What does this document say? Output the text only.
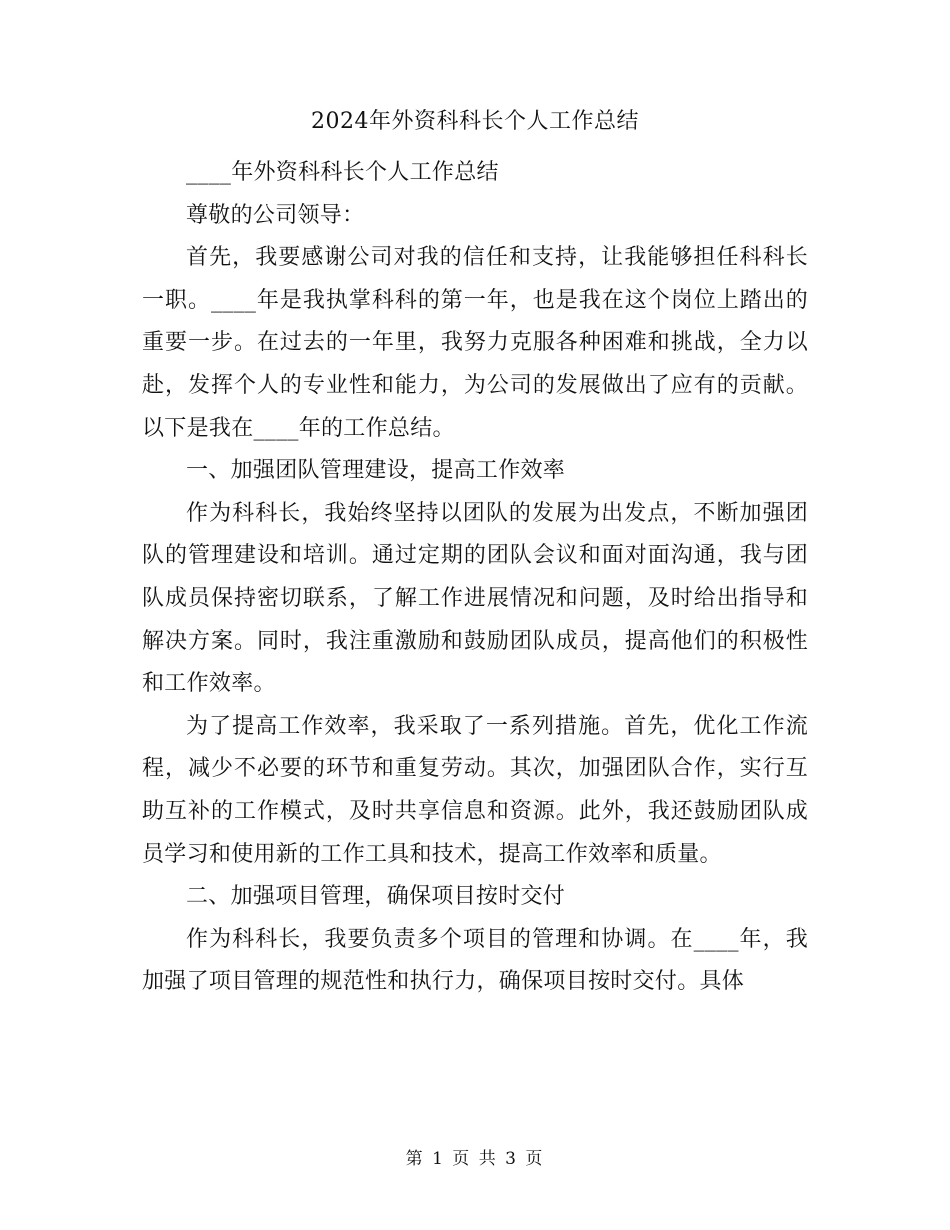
2024年外资科科长个人工作总结

____年外资科科长个人工作总结

尊敬的公司领导：

首先，我要感谢公司对我的信任和支持，让我能够担任科科长一职。____年是我执掌科科的第一年，也是我在这个岗位上踏出的重要一步。在过去的一年里，我努力克服各种困难和挑战，全力以赴，发挥个人的专业性和能力，为公司的发展做出了应有的贡献。以下是我在____年的工作总结。

一、加强团队管理建设，提高工作效率

作为科科长，我始终坚持以团队的发展为出发点，不断加强团队的管理建设和培训。通过定期的团队会议和面对面沟通，我与团队成员保持密切联系，了解工作进展情况和问题，及时给出指导和解决方案。同时，我注重激励和鼓励团队成员，提高他们的积极性和工作效率。

为了提高工作效率，我采取了一系列措施。首先，优化工作流程，减少不必要的环节和重复劳动。其次，加强团队合作，实行互助互补的工作模式，及时共享信息和资源。此外，我还鼓励团队成员学习和使用新的工作工具和技术，提高工作效率和质量。

二、加强项目管理，确保项目按时交付

作为科科长，我要负责多个项目的管理和协调。在____年，我加强了项目管理的规范性和执行力，确保项目按时交付。具体

第 1 页 共 3 页
